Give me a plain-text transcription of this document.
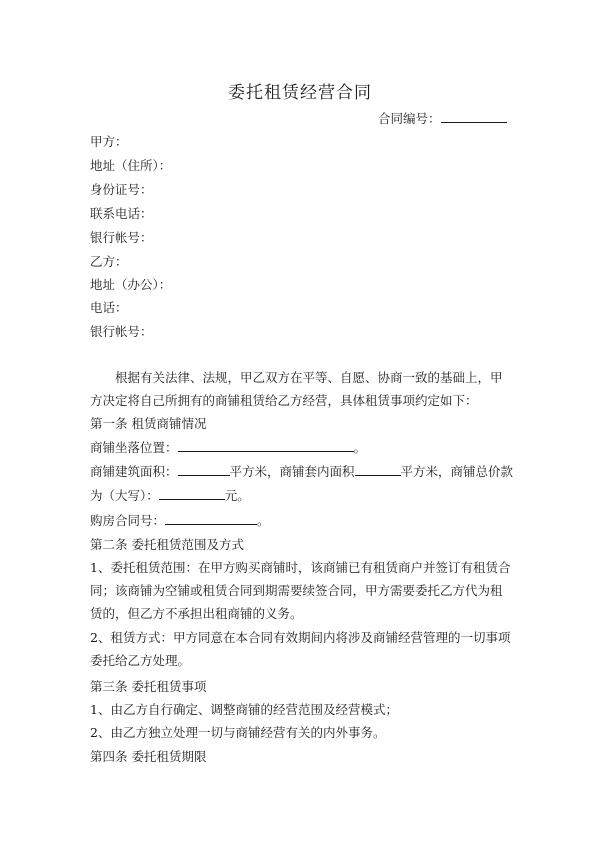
委托租赁经营合同
合同编号：
甲方：
地址（住所）：
身份证号：
联系电话：
银行帐号：
乙方：
地址（办公）：
电话：
银行帐号：
根据有关法律、法规，甲乙双方在平等、自愿、协商一致的基础上，甲方决定将自己所拥有的商铺租赁给乙方经营，具体租赁事项约定如下：
第一条 租赁商铺情况
商铺坐落位置：	。
商铺建筑面积：	平方米，商铺套内面积	平方米，商铺总价款
为（大写）：	元。
购房合同号：	。
第二条 委托租赁范围及方式
1、委托租赁范围：在甲方购买商铺时，该商铺已有租赁商户并签订有租赁合同；该商铺为空铺或租赁合同到期需要续签合同，甲方需要委托乙方代为租赁的，但乙方不承担出租商铺的义务。
2、租赁方式：甲方同意在本合同有效期间内将涉及商铺经营管理的一切事项委托给乙方处理。
第三条 委托租赁事项
1、由乙方自行确定、调整商铺的经营范围及经营模式；
2、由乙方独立处理一切与商铺经营有关的内外事务。
第四条 委托租赁期限
